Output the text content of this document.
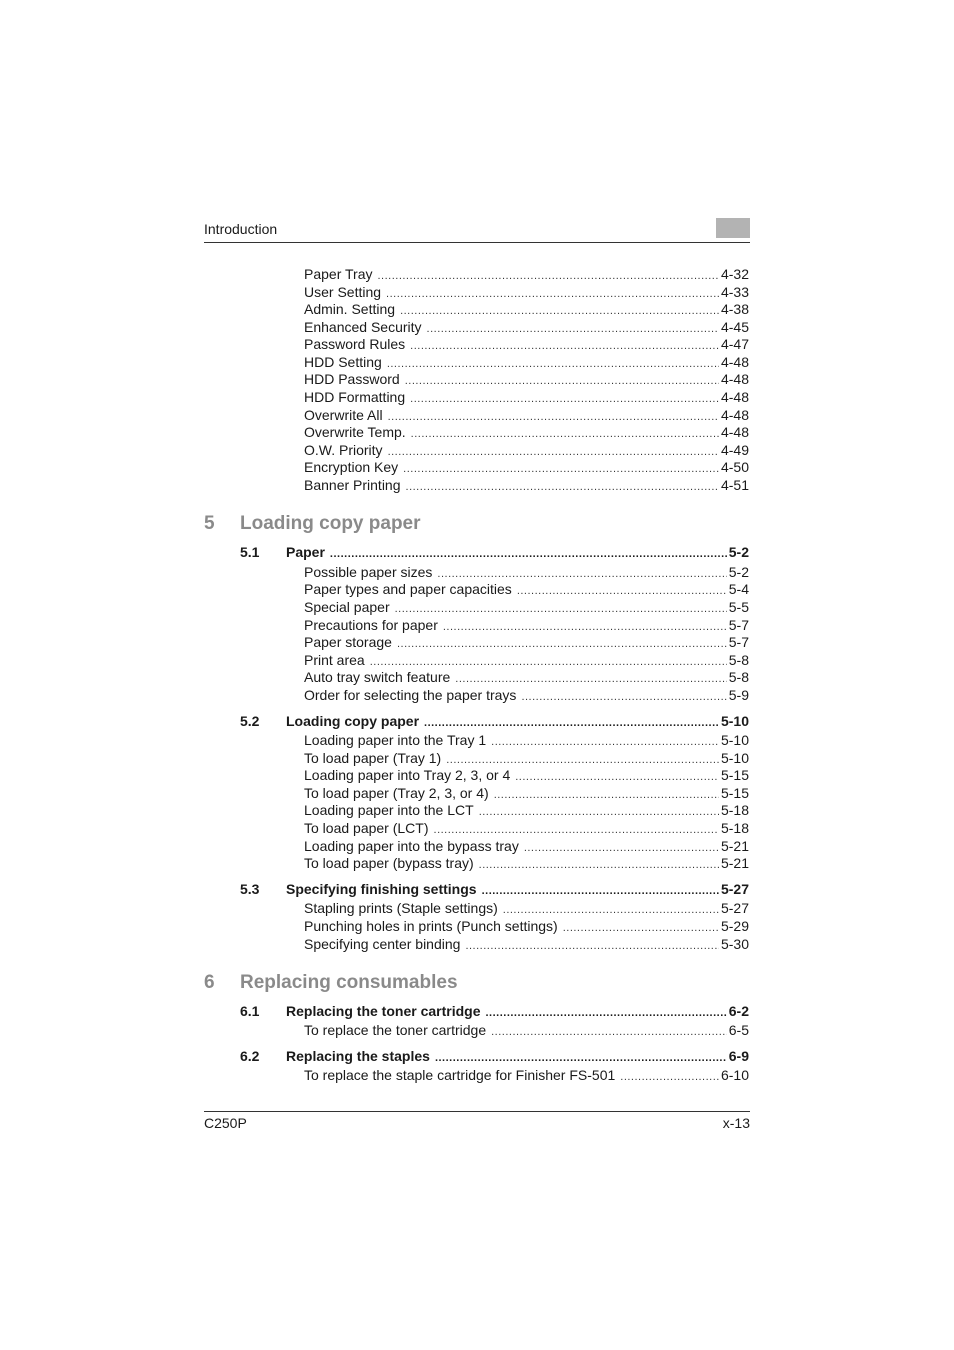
Introduction
Paper Tray .....	4-32
User Setting .....	4-33
Admin. Setting .....	4-38
Enhanced Security .....	4-45
Password Rules .....	4-47
HDD Setting .....	4-48
HDD Password .....	4-48
HDD Formatting .....	4-48
Overwrite All .....	4-48
Overwrite Temp. .....	4-48
O.W. Priority .....	4-49
Encryption Key .....	4-50
Banner Printing .....	4-51
5 Loading copy paper
5.1	Paper .....	5-2
Possible paper sizes .....	5-2
Paper types and paper capacities .....	5-4
Special paper .....	5-5
Precautions for paper .....	5-7
Paper storage .....	5-7
Print area .....	5-8
Auto tray switch feature .....	5-8
Order for selecting the paper trays .....	5-9
5.2	Loading copy paper .....	5-10
Loading paper into the Tray 1 .....	5-10
To load paper (Tray 1) .....	5-10
Loading paper into Tray 2, 3, or 4 .....	5-15
To load paper (Tray 2, 3, or 4) .....	5-15
Loading paper into the LCT .....	5-18
To load paper (LCT) .....	5-18
Loading paper into the bypass tray .....	5-21
To load paper (bypass tray) .....	5-21
5.3	Specifying finishing settings .....	5-27
Stapling prints (Staple settings) .....	5-27
Punching holes in prints (Punch settings) .....	5-29
Specifying center binding .....	5-30
6 Replacing consumables
6.1	Replacing the toner cartridge .....	6-2
To replace the toner cartridge .....	6-5
6.2	Replacing the staples .....	6-9
To replace the staple cartridge for Finisher FS-501 .....	6-10
C250P	x-13
